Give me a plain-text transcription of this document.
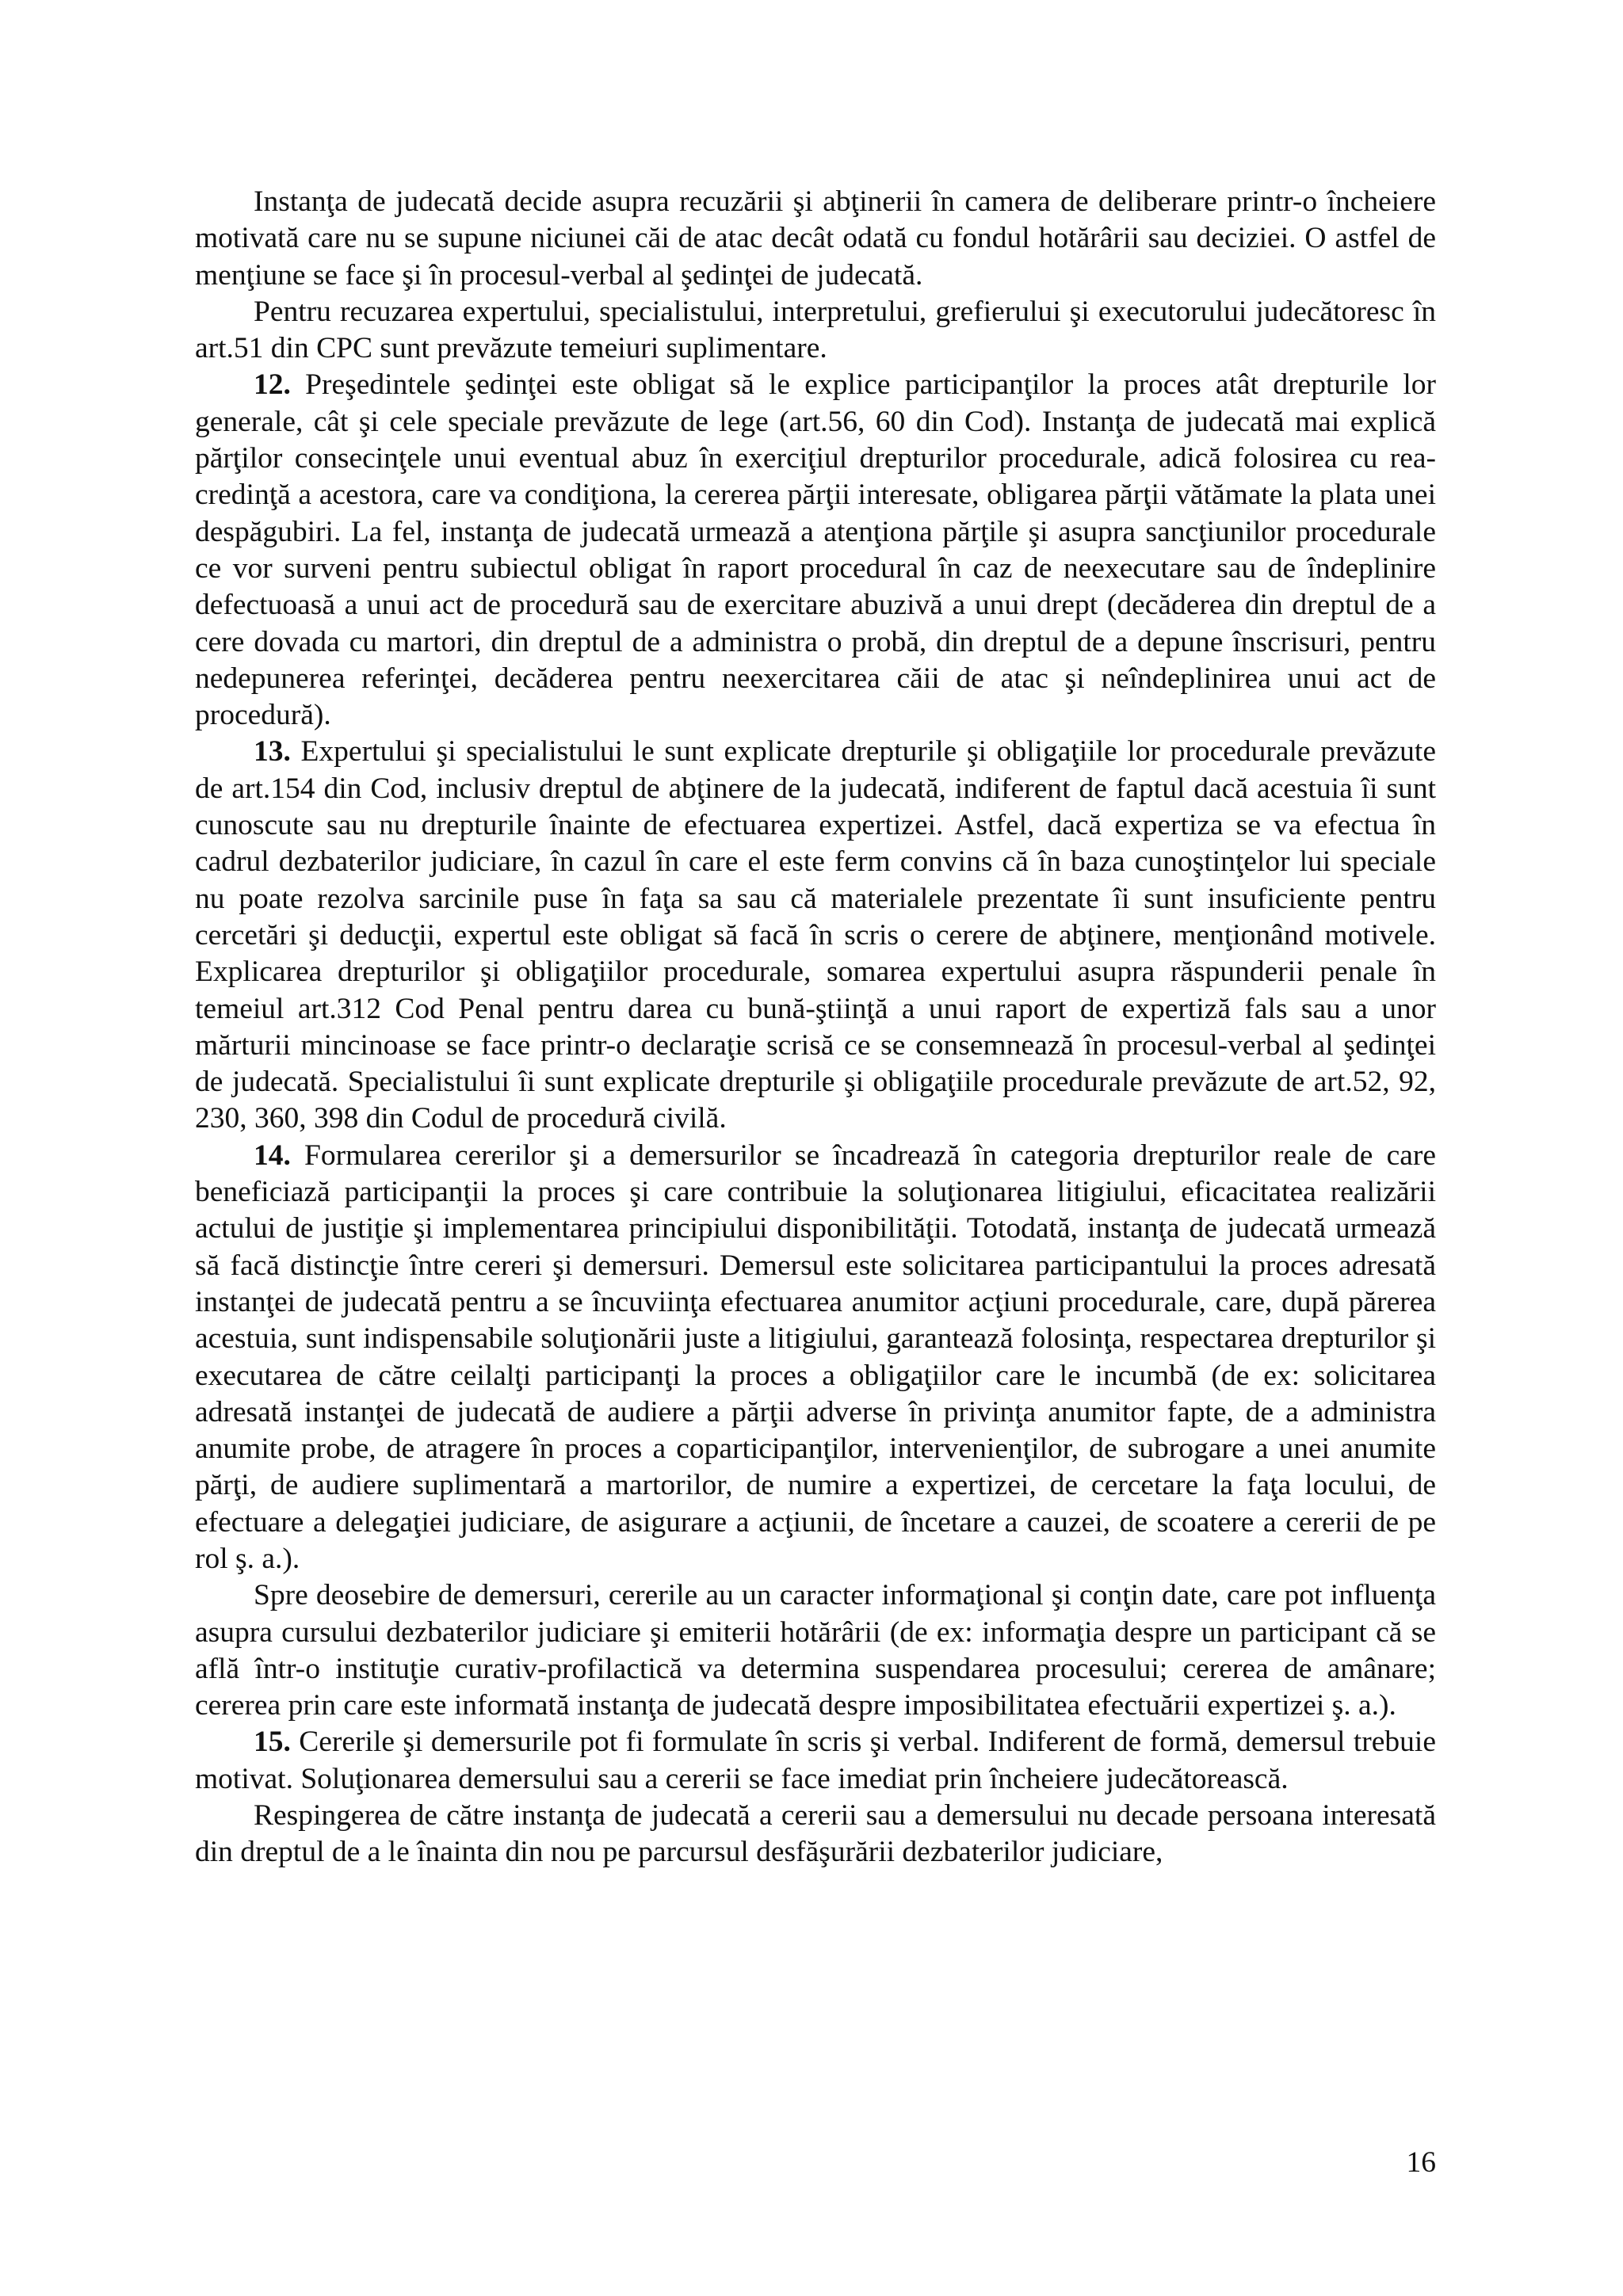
Instanţa de judecată decide asupra recuzării şi abţinerii în camera de deliberare printr-o încheiere motivată care nu se supune niciunei căi de atac decât odată cu fondul hotărârii sau deciziei. O astfel de menţiune se face şi în procesul-verbal al şedinţei de judecată.

Pentru recuzarea expertului, specialistului, interpretului, grefierului şi executorului judecătoresc în art.51 din CPC sunt prevăzute temeiuri suplimentare.

12. Preşedintele şedinţei este obligat să le explice participanţilor la proces atât drepturile lor generale, cât şi cele speciale prevăzute de lege (art.56, 60 din Cod). Instanţa de judecată mai explică părţilor consecinţele unui eventual abuz în exerciţiul drepturilor procedurale, adică folosirea cu rea-credinţă a acestora, care va condiţiona, la cererea părţii interesate, obligarea părţii vătămate la plata unei despăgubiri. La fel, instanţa de judecată urmează a atenţiona părţile şi asupra sancţiunilor procedurale ce vor surveni pentru subiectul obligat în raport procedural în caz de neexecutare sau de îndeplinire defectuoasă a unui act de procedură sau de exercitare abuzivă a unui drept (decăderea din dreptul de a cere dovada cu martori, din dreptul de a administra o probă, din dreptul de a depune înscrisuri, pentru nedepunerea referinţei, decăderea pentru neexercitarea căii de atac şi neîndeplinirea unui act de procedură).

13. Expertului şi specialistului le sunt explicate drepturile şi obligaţiile lor procedurale prevăzute de art.154 din Cod, inclusiv dreptul de abţinere de la judecată, indiferent de faptul dacă acestuia îi sunt cunoscute sau nu drepturile înainte de efectuarea expertizei. Astfel, dacă expertiza se va efectua în cadrul dezbaterilor judiciare, în cazul în care el este ferm convins că în baza cunoştinţelor lui speciale nu poate rezolva sarcinile puse în faţa sa sau că materialele prezentate îi sunt insuficiente pentru cercetări şi deducţii, expertul este obligat să facă în scris o cerere de abţinere, menţionând motivele. Explicarea drepturilor şi obligaţiilor procedurale, somarea expertului asupra răspunderii penale în temeiul art.312 Cod Penal pentru darea cu bună-ştiinţă a unui raport de expertiză fals sau a unor mărturii mincinoase se face printr-o declaraţie scrisă ce se consemnează în procesul-verbal al şedinţei de judecată. Specialistului îi sunt explicate drepturile şi obligaţiile procedurale prevăzute de art.52, 92, 230, 360, 398 din Codul de procedură civilă.

14. Formularea cererilor şi a demersurilor se încadrează în categoria drepturilor reale de care beneficiază participanţii la proces şi care contribuie la soluţionarea litigiului, eficacitatea realizării actului de justiţie şi implementarea principiului disponibilităţii. Totodată, instanţa de judecată urmează să facă distincţie între cereri şi demersuri. Demersul este solicitarea participantului la proces adresată instanţei de judecată pentru a se încuviinţa efectuarea anumitor acţiuni procedurale, care, după părerea acestuia, sunt indispensabile soluţionării juste a litigiului, garantează folosinţa, respectarea drepturilor şi executarea de către ceilalţi participanţi la proces a obligaţiilor care le incumbă (de ex: solicitarea adresată instanţei de judecată de audiere a părţii adverse în privinţa anumitor fapte, de a administra anumite probe, de atragere în proces a coparticipanţilor, intervenienţilor, de subrogare a unei anumite părţi, de audiere suplimentară a martorilor, de numire a expertizei, de cercetare la faţa locului, de efectuare a delegaţiei judiciare, de asigurare a acţiunii, de încetare a cauzei, de scoatere a cererii de pe rol ş. a.).

Spre deosebire de demersuri, cererile au un caracter informaţional şi conţin date, care pot influenţa asupra cursului dezbaterilor judiciare şi emiterii hotărârii (de ex: informaţia despre un participant că se află într-o instituţie curativ-profilactică va determina suspendarea procesului; cererea de amânare; cererea prin care este informată instanţa de judecată despre imposibilitatea efectuării expertizei ş. a.).

15. Cererile şi demersurile pot fi formulate în scris şi verbal. Indiferent de formă, demersul trebuie motivat. Soluţionarea demersului sau a cererii se face imediat prin încheiere judecătorească.

Respingerea de către instanţa de judecată a cererii sau a demersului nu decade persoana interesată din dreptul de a le înainta din nou pe parcursul desfăşurării dezbaterilor judiciare,

16
